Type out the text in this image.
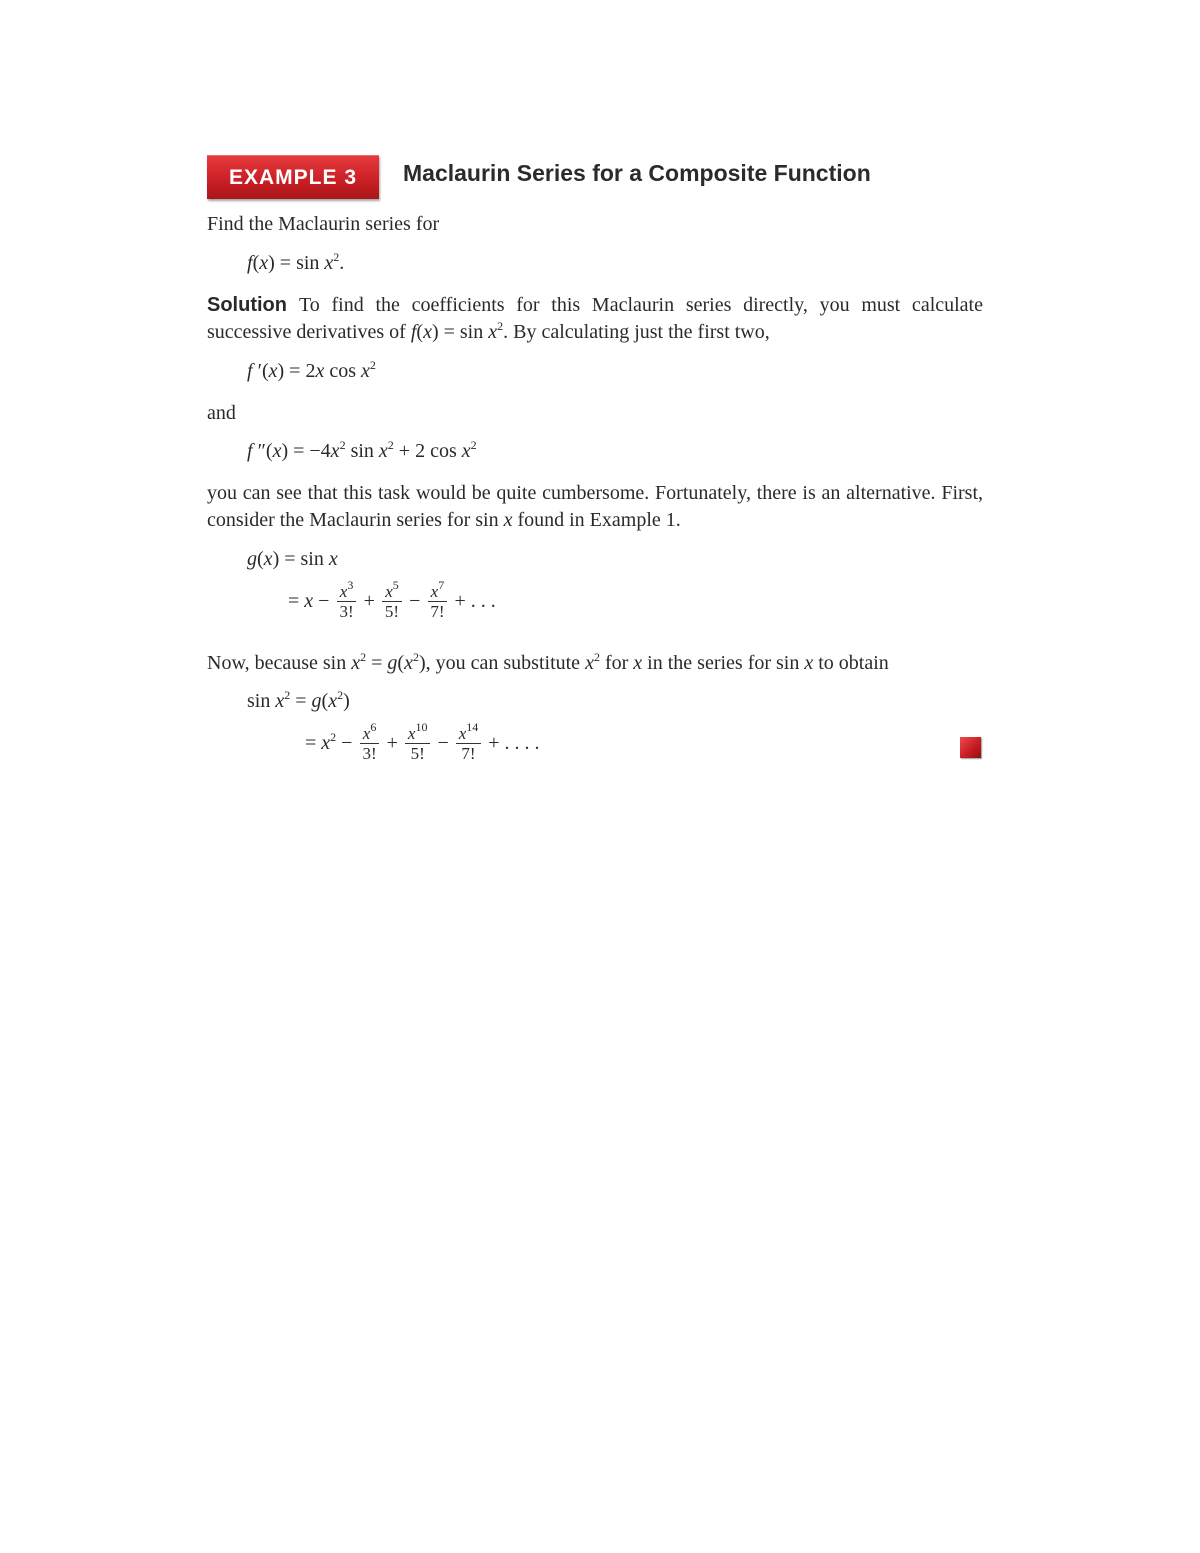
EXAMPLE 3	Maclaurin Series for a Composite Function
Find the Maclaurin series for
$f(x) = \sin x^2$.
Solution To find the coefficients for this Maclaurin series directly, you must calculate successive derivatives of $f(x) = \sin x^2$. By calculating just the first two,
f ′(x) = 2x $\cos x^2$
and
f $''(x) = -4x^2$ $\sin x^2 + 2$ $\cos x^2$
you can see that this task would be quite cumbersome. Fortunately, there is an alternative. First, consider the Maclaurin series for sin x found in Example 1.
g(x) = sin x
= $x - \frac{x^3}{3!} + \frac{x^5}{5!} - \frac{x^7}{7!}$ + . . .
Now, because $\sin x^2 = g(x^2)$, you can substitute $x^2$ for x in the series for sin x to obtain
$\sin x^2 = g(x^2)$
= $x^2 - \frac{x^6}{3!} + \frac{x^{10}}{5!} - \frac{x^{14}}{7!}$ + . . . .
